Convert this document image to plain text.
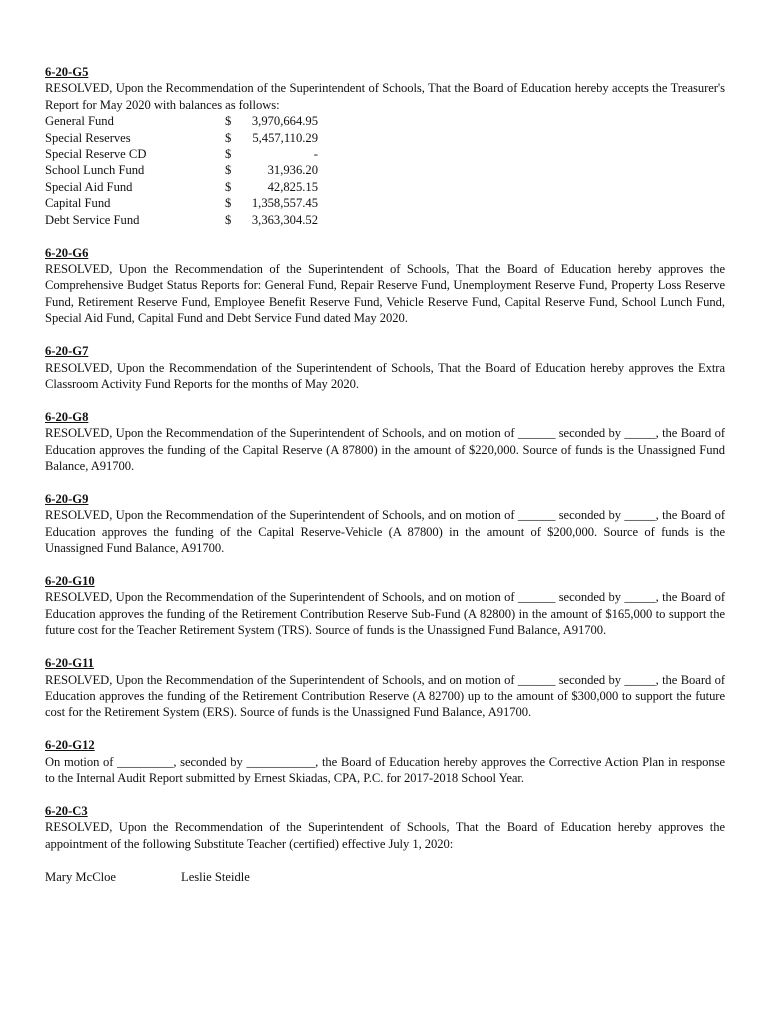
6-20-G5

RESOLVED, Upon the Recommendation of the Superintendent of Schools, That the Board of Education hereby accepts the Treasurer's Report for May 2020 with balances as follows:

General Fund	$	3,970,664.95
Special Reserves	$	5,457,110.29
Special Reserve CD	$	-
School Lunch Fund	$	31,936.20
Special Aid Fund	$	42,825.15
Capital Fund	$	1,358,557.45
Debt Service Fund	$	3,363,304.52
6-20-G6

RESOLVED, Upon the Recommendation of the Superintendent of Schools, That the Board of Education hereby approves the Comprehensive Budget Status Reports for: General Fund, Repair Reserve Fund, Unemployment Reserve Fund, Property Loss Reserve Fund, Retirement Reserve Fund, Employee Benefit Reserve Fund, Vehicle Reserve Fund, Capital Reserve Fund, School Lunch Fund, Special Aid Fund, Capital Fund and Debt Service Fund dated May 2020.

6-20-G7

RESOLVED, Upon the Recommendation of the Superintendent of Schools, That the Board of Education hereby approves the Extra Classroom Activity Fund Reports for the months of May 2020.

6-20-G8

RESOLVED, Upon the Recommendation of the Superintendent of Schools, and on motion of ______ seconded by _____, the Board of Education approves the funding of the Capital Reserve (A 87800) in the amount of $220,000. Source of funds is the Unassigned Fund Balance, A91700.

6-20-G9

RESOLVED, Upon the Recommendation of the Superintendent of Schools, and on motion of ______ seconded by _____, the Board of Education approves the funding of the Capital Reserve-Vehicle (A 87800) in the amount of $200,000. Source of funds is the Unassigned Fund Balance, A91700.

6-20-G10

RESOLVED, Upon the Recommendation of the Superintendent of Schools, and on motion of ______ seconded by _____, the Board of Education approves the funding of the Retirement Contribution Reserve Sub-Fund (A 82800) in the amount of $165,000 to support the future cost for the Teacher Retirement System (TRS). Source of funds is the Unassigned Fund Balance, A91700.

6-20-G11

RESOLVED, Upon the Recommendation of the Superintendent of Schools, and on motion of ______ seconded by _____, the Board of Education approves the funding of the Retirement Contribution Reserve (A 82700) up to the amount of $300,000 to support the future cost for the Retirement System (ERS). Source of funds is the Unassigned Fund Balance, A91700.

6-20-G12

On motion of _________, seconded by ___________, the Board of Education hereby approves the Corrective Action Plan in response to the Internal Audit Report submitted by Ernest Skiadas, CPA, P.C. for 2017-2018 School Year.

6-20-C3

RESOLVED, Upon the Recommendation of the Superintendent of Schools, That the Board of Education hereby approves the appointment of the following Substitute Teacher (certified) effective July 1, 2020:

Mary McCloe	Leslie Steidle
